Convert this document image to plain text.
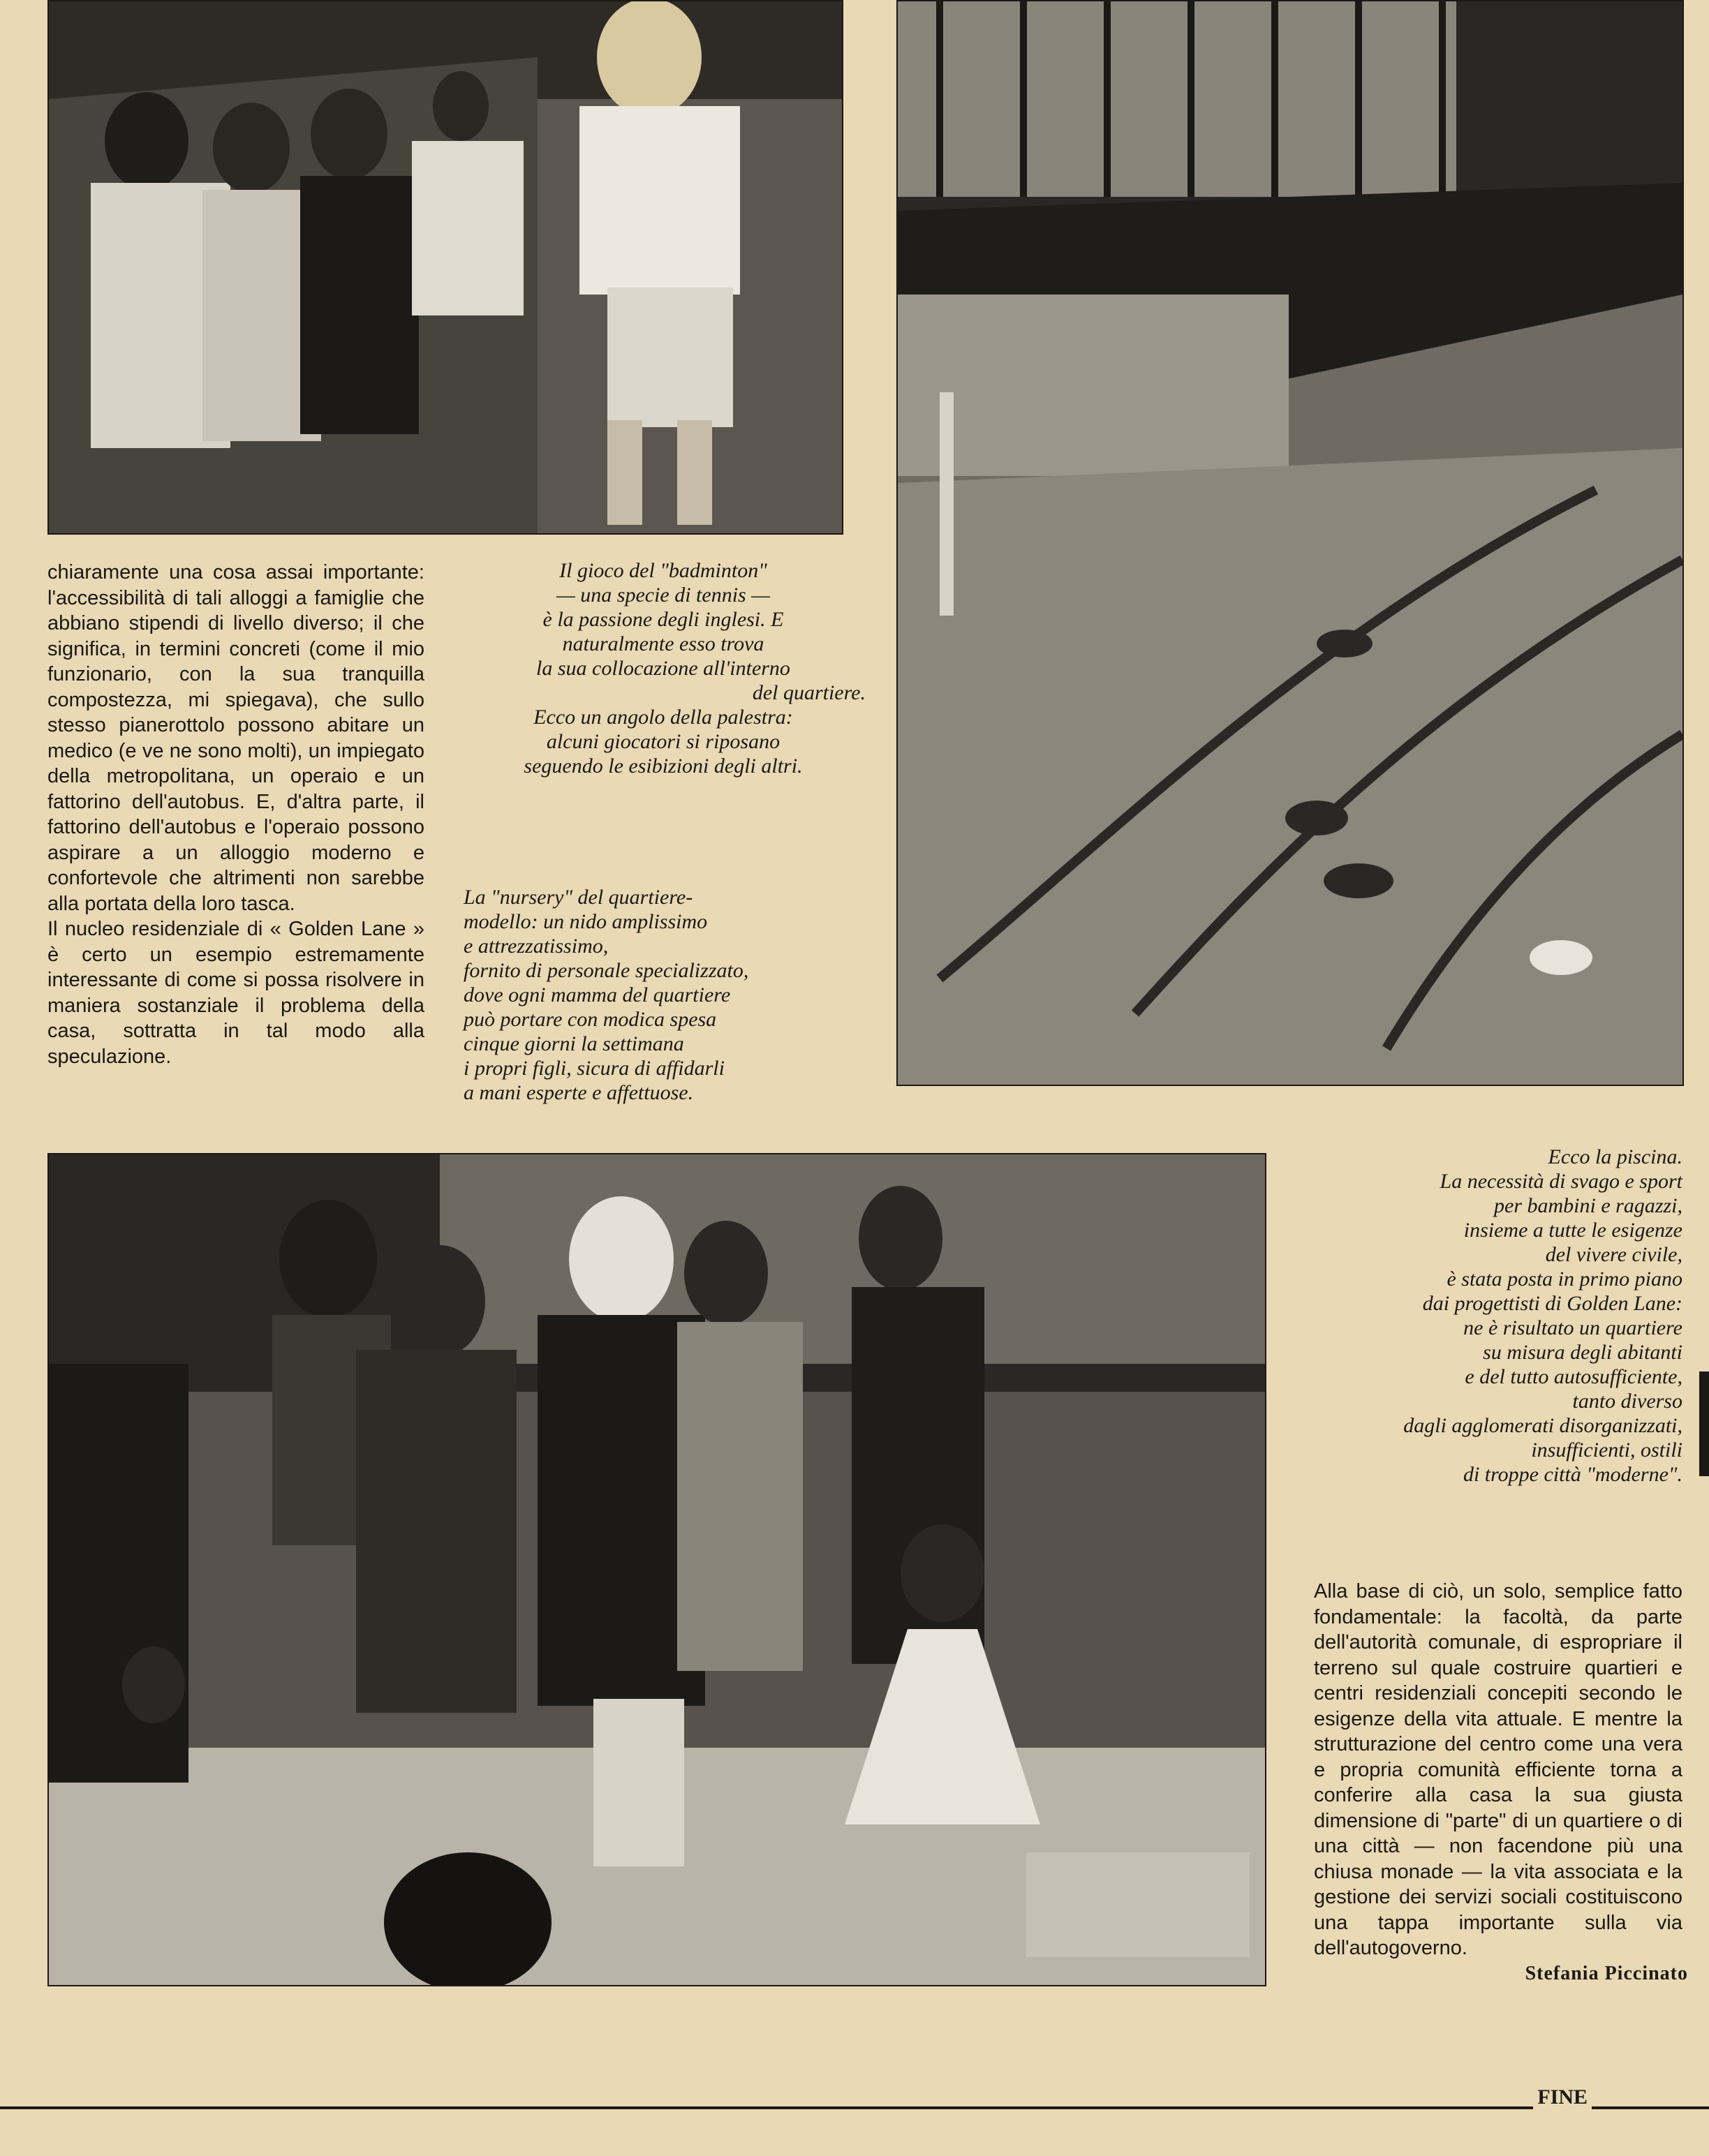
chiaramente una cosa assai importante: l'accessibilità di tali alloggi a famiglie che abbiano stipendi di livello diverso; il che significa, in termini concreti (come il mio funzionario, con la sua tranquilla compostezza, mi spiegava), che sullo stesso pianerottolo possono abitare un medico (e ve ne sono molti), un impiegato della metropolitana, un operaio e un fattorino dell'autobus. E, d'altra parte, il fattorino dell'autobus e l'operaio possono aspirare a un alloggio moderno e confortevole che altrimenti non sarebbe alla portata della loro tasca.

Il nucleo residenziale di « Golden Lane » è certo un esempio estremamente interessante di come si possa risolvere in maniera sostanziale il problema della casa, sottratta in tal modo alla speculazione.

Il gioco del "badminton"

— una specie di tennis —

è la passione degli inglesi. E

naturalmente esso trova

la sua collocazione all'interno

del quartiere.

Ecco un angolo della palestra:

alcuni giocatori si riposano

seguendo le esibizioni degli altri.

La "nursery" del quartiere-

modello: un nido amplissimo

e attrezzatissimo,

fornito di personale specializzato,

dove ogni mamma del quartiere

può portare con modica spesa

cinque giorni la settimana

i propri figli, sicura di affidarli

a mani esperte e affettuose.

Ecco la piscina.

La necessità di svago e sport

per bambini e ragazzi,

insieme a tutte le esigenze

del vivere civile,

è stata posta in primo piano

dai progettisti di Golden Lane:

ne è risultato un quartiere

su misura degli abitanti

e del tutto autosufficiente,

tanto diverso

dagli agglomerati disorganizzati,

insufficienti, ostili

di troppe città "moderne".

Alla base di ciò, un solo, semplice fatto fondamentale: la facoltà, da parte dell'autorità comunale, di espropriare il terreno sul quale costruire quartieri e centri residenziali concepiti secondo le esigenze della vita attuale. E mentre la strutturazione del centro come una vera e propria comunità efficiente torna a conferire alla casa la sua giusta dimensione di "parte" di un quartiere o di una città — non facendone più una chiusa monade — la vita associata e la gestione dei servizi sociali costituiscono una tappa importante sulla via dell'autogoverno.

Stefania Piccinato
FINE
